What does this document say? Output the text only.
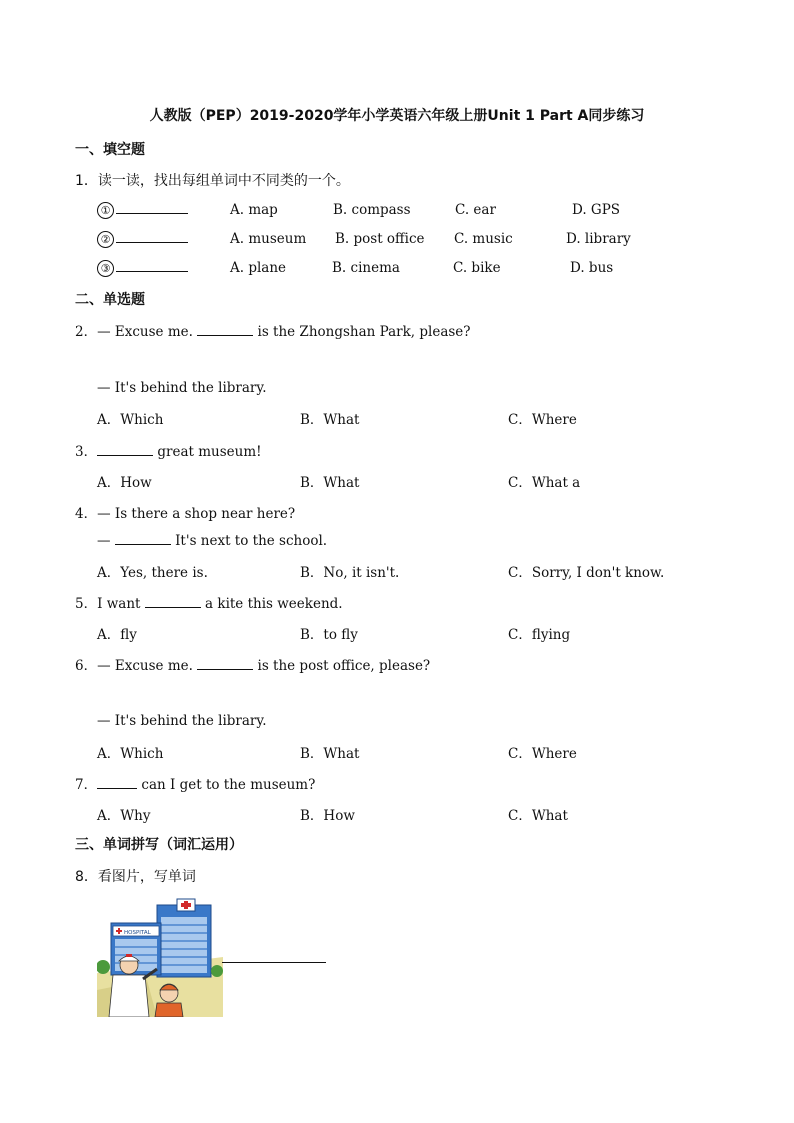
人教版（PEP）2019-2020学年小学英语六年级上册Unit 1 Part A同步练习
一、填空题
1．读一读，找出每组单词中不同类的一个。
①	A. map	B. compass	C. ear	D. GPS
②	A. museum B. post office C. music	D. library
③	A. plane	B. cinema	C. bike	D. bus
二、单选题
2．— Excuse me.	is the Zhongshan Park, please?
— It's behind the library.
A．Which	B．What	C．Where
3．	great museum!
A．How	B．What	C．What a
4．— Is there a shop near here?
—	It's next to the school.
A．Yes, there is.	B．No, it isn't.	C．Sorry, I don't know.
5．I want	a kite this weekend.
A．fly	B．to fly	C．flying
6．— Excuse me.	is the post office, please?
— It's behind the library.
A．Which	B．What	C．Where
7．	can I get to the museum?
A．Why	B．How	C．What
三、单词拼写（词汇运用）
8．看图片，写单词
HOSPITAL
